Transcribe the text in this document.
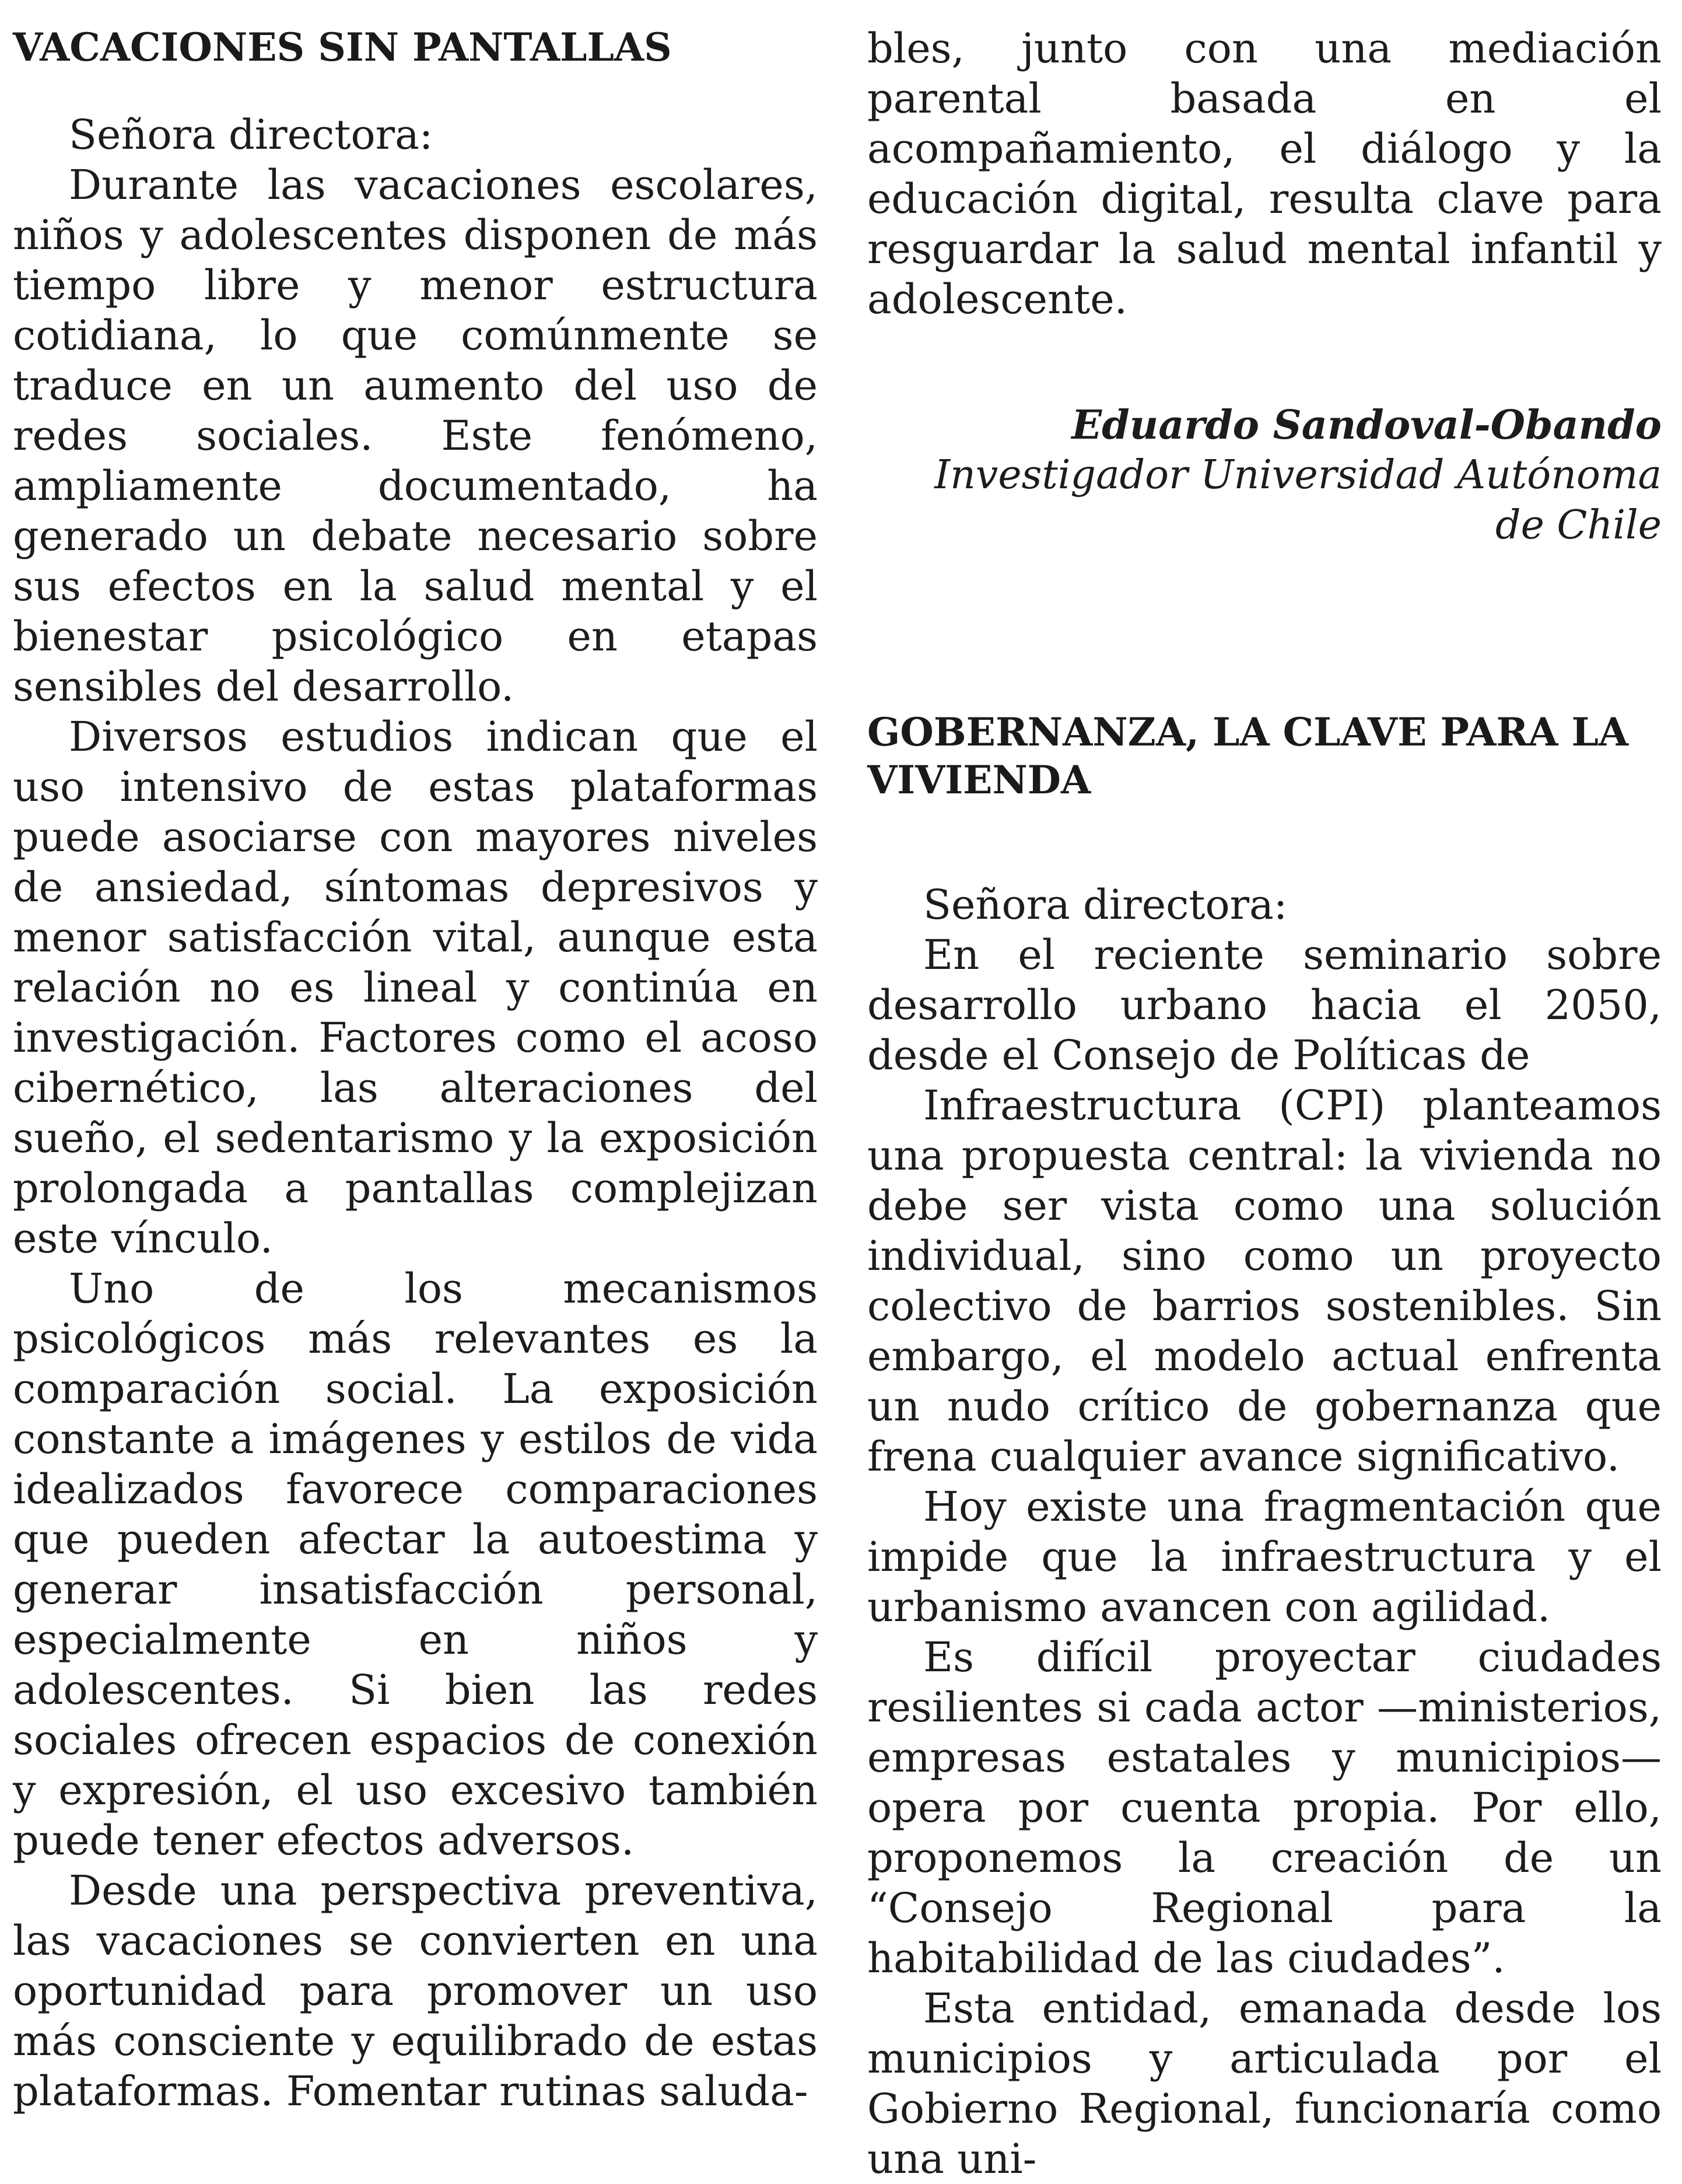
VACACIONES SIN PANTALLAS

Señora directora:

Durante las vacaciones escolares, niños y adolescentes disponen de más tiempo libre y menor estructura cotidiana, lo que comúnmente se traduce en un aumento del uso de redes sociales. Este fenómeno, ampliamente documentado, ha generado un debate necesario sobre sus efectos en la salud mental y el bienestar psicológico en etapas sensibles del desarrollo.

Diversos estudios indican que el uso intensivo de estas plataformas puede asociarse con mayores niveles de ansiedad, síntomas depresivos y menor satisfacción vital, aunque esta relación no es lineal y continúa en investigación. Factores como el acoso cibernético, las alteraciones del sueño, el sedentarismo y la exposición prolongada a pantallas complejizan este vínculo.

Uno de los mecanismos psicológicos más relevantes es la comparación social. La exposición constante a imágenes y estilos de vida idealizados favorece comparaciones que pueden afectar la autoestima y generar insatisfacción personal, especialmente en niños y adolescentes. Si bien las redes sociales ofrecen espacios de conexión y expresión, el uso excesivo también puede tener efectos adversos.

Desde una perspectiva preventiva, las vacaciones se convierten en una oportunidad para promover un uso más consciente y equilibrado de estas plataformas. Fomentar rutinas saluda-

bles, junto con una mediación parental basada en el acompañamiento, el diálogo y la educación digital, resulta clave para resguardar la salud mental infantil y adolescente.

Eduardo Sandoval-Obando
Investigador Universidad Autónoma
de Chile
GOBERNANZA, LA CLAVE PARA LA VIVIENDA

Señora directora:

En el reciente seminario sobre desarrollo urbano hacia el 2050, desde el Consejo de Políticas de

Infraestructura (CPI) planteamos una propuesta central: la vivienda no debe ser vista como una solución individual, sino como un proyecto colectivo de barrios sostenibles. Sin embargo, el modelo actual enfrenta un nudo crítico de gobernanza que frena cualquier avance significativo.

Hoy existe una fragmentación que impide que la infraestructura y el urbanismo avancen con agilidad.

Es difícil proyectar ciudades resilientes si cada actor —ministerios, empresas estatales y municipios— opera por cuenta propia. Por ello, proponemos la creación de un “Consejo Regional para la habitabilidad de las ciudades”.

Esta entidad, emanada desde los municipios y articulada por el Gobierno Regional, funcionaría como una uni-
